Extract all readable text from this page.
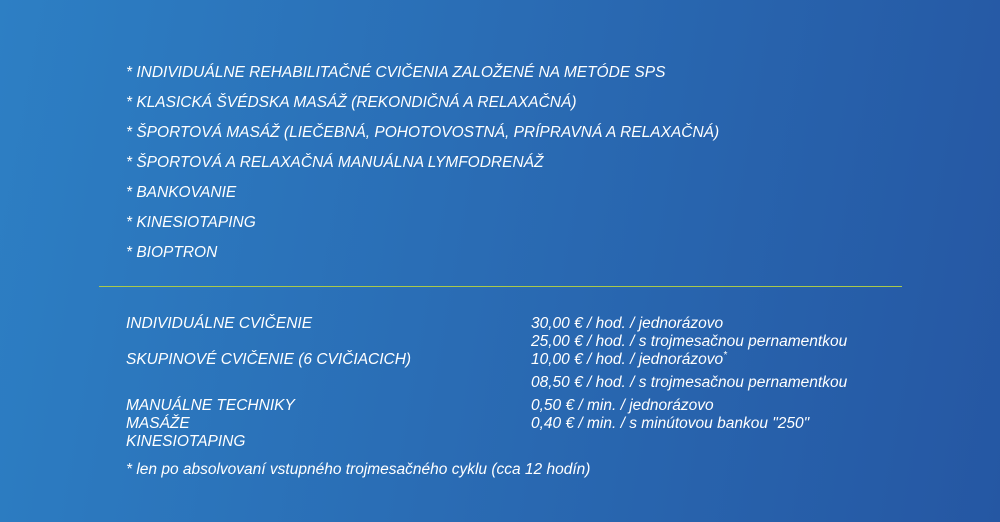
* INDIVIDUÁLNE REHABILITAČNÉ CVIČENIA ZALOŽENÉ NA METÓDE SPS
* KLASICKÁ ŠVÉDSKA MASÁŽ (REKONDIČNÁ A RELAXAČNÁ)
* ŠPORTOVÁ MASÁŽ (LIEČEBNÁ, POHOTOVOSTNÁ, PRÍPRAVNÁ A RELAXAČNÁ)
* ŠPORTOVÁ A RELAXAČNÁ MANUÁLNA LYMFODRENÁŽ
* BANKOVANIE
* KINESIOTAPING
* BIOPTRON
INDIVIDUÁLNE CVIČENIE	30,00 € / hod. / jednorázovo
25,00 € / hod. / s trojmesačnou pernamentkou
SKUPINOVÉ CVIČENIE (6 CVIČIACICH)	10,00 € / hod. / jednorázovo*
08,50 € / hod. / s trojmesačnou pernamentkou
MANUÁLNE TECHNIKY	0,50 € / min. / jednorázovo
MASÁŽE	0,40 € / min. / s minútovou bankou "250"
KINESIOTAPING
* len po absolvovaní vstupného trojmesačného cyklu (cca 12 hodín)
